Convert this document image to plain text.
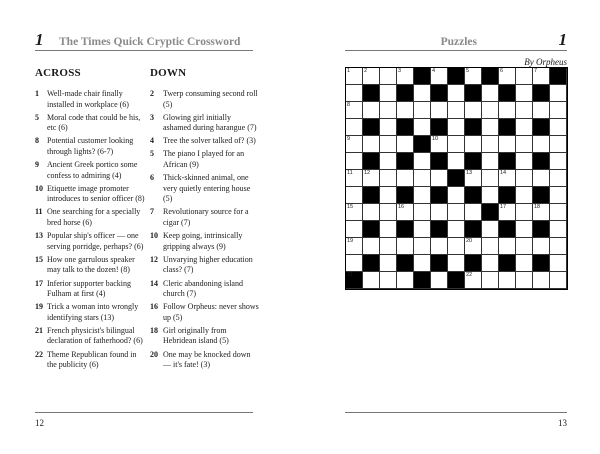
1 The Times Quick Cryptic Crossword
ACROSS
1	Well-made chair finally installed in workplace (6)
5	Moral code that could be his, etc (6)
8	Potential customer looking through lights? (6-7)
9	Ancient Greek portico some confess to admiring (4)
10 Etiquette image promoter introduces to senior officer (8)
11 One searching for a specially bred horse (6)
13 Popular ship's officer — one serving porridge, perhaps? (6)
15 How one garrulous speaker may talk to the dozen! (8)
17 Inferior supporter backing Fulham at first (4)
19 Trick a woman into wrongly identifying stars (13)
21 French physicist's bilingual declaration of fatherhood? (6)
22 Theme Republican found in the publicity (6)
DOWN
2	Twerp consuming second roll (5)
3	Glowing girl initially ashamed during harangue (7)
4	Tree the solver talked of? (3)
5	The piano I played for an African (9)
6	Thick-skinned animal, one very quietly entering house (5)
7	Revolutionary source for a cigar (7)
10 Keep going, intrinsically gripping always (9)
12 Unvarying higher education class? (7)
14 Cleric abandoning island church (7)
16 Follow Orpheus: never shows up (5)
18 Girl originally from Hebridean island (5)
20 One may be knocked down — it's fate! (3)
12
Puzzles	1
By Orpheus
1	2	3	4	5	6	7
8
9	10
11 12	13	14
15	16	17	18
19	20
21	22
13
